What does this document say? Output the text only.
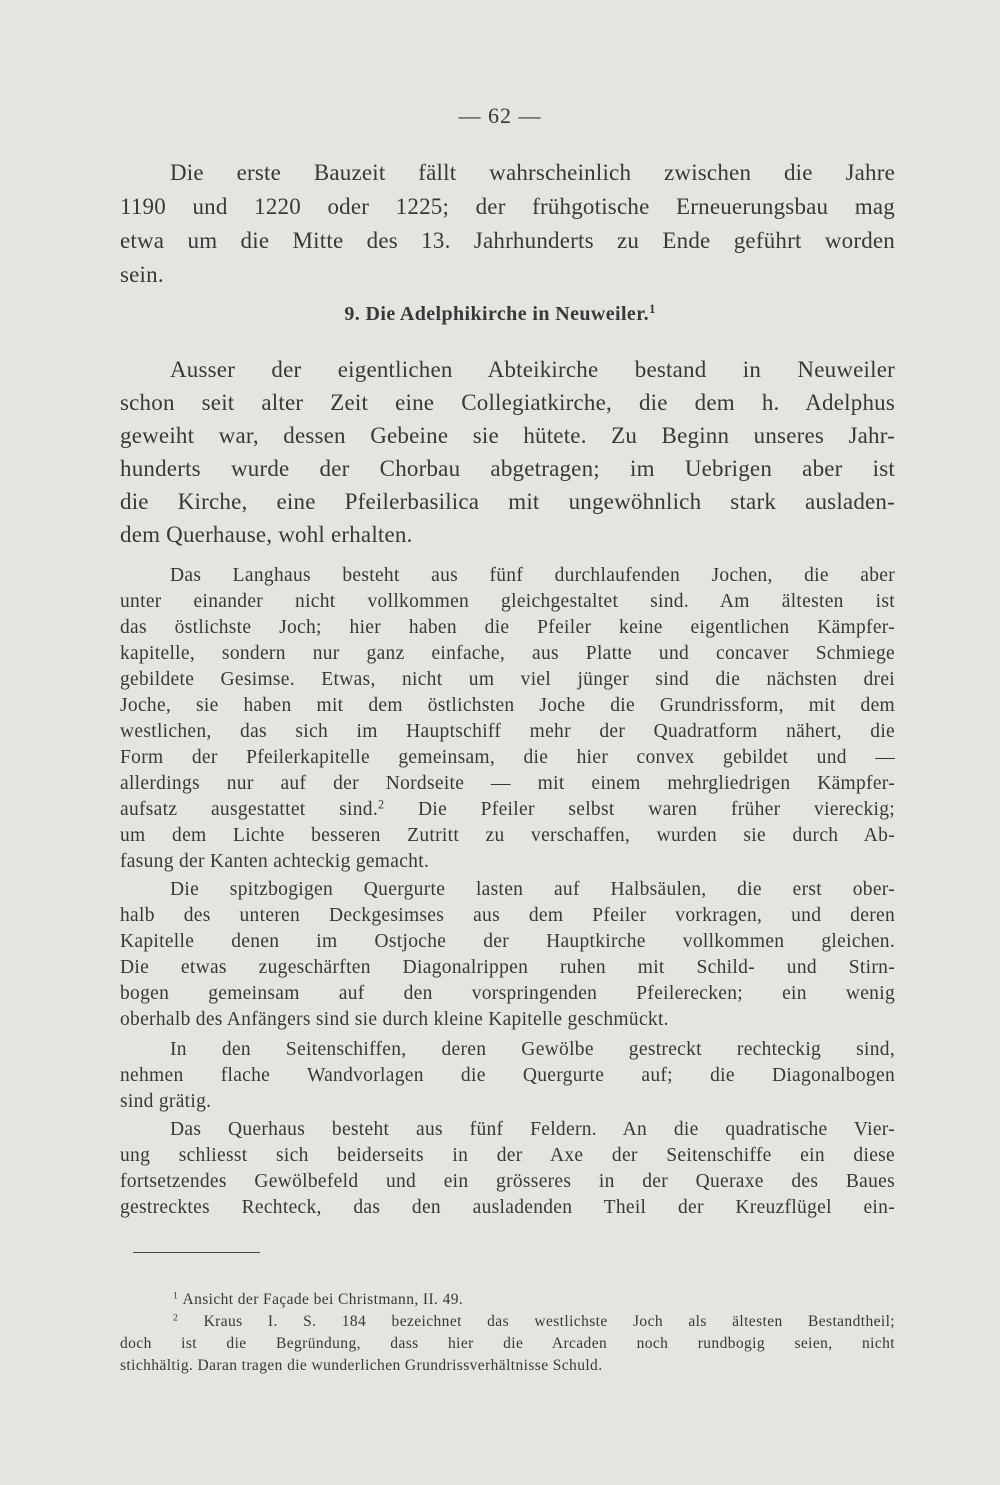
— 62 —
Die erste Bauzeit fällt wahrscheinlich zwischen die Jahre
1190 und 1220 oder 1225; der frühgotische Erneuerungsbau mag
etwa um die Mitte des 13. Jahrhunderts zu Ende geführt worden
sein.
9. Die Adelphikirche in Neuweiler.$^1$
Ausser der eigentlichen Abteikirche bestand in Neuweiler
schon seit alter Zeit eine Collegiatkirche, die dem h. Adelphus
geweiht war, dessen Gebeine sie hütete. Zu Beginn unseres Jahr-
hunderts wurde der Chorbau abgetragen; im Uebrigen aber ist
die Kirche, eine Pfeilerbasilica mit ungewöhnlich stark ausladen-
dem Querhause, wohl erhalten.
Das Langhaus besteht aus fünf durchlaufenden Jochen, die aber
unter einander nicht vollkommen gleichgestaltet sind. Am ältesten ist
das östlichste Joch; hier haben die Pfeiler keine eigentlichen Kämpfer-
kapitelle, sondern nur ganz einfache, aus Platte und concaver Schmiege
gebildete Gesimse. Etwas, nicht um viel jünger sind die nächsten drei
Joche, sie haben mit dem östlichsten Joche die Grundrissform, mit dem
westlichen, das sich im Hauptschiff mehr der Quadratform nähert, die
Form der Pfeilerkapitelle gemeinsam, die hier convex gebildet und —
allerdings nur auf der Nordseite — mit einem mehrgliedrigen Kämpfer-
aufsatz ausgestattet sind.$^2$ Die Pfeiler selbst waren früher viereckig;
um dem Lichte besseren Zutritt zu verschaffen, wurden sie durch Ab-
fasung der Kanten achteckig gemacht.
Die spitzbogigen Quergurte lasten auf Halbsäulen, die erst ober-
halb des unteren Deckgesimses aus dem Pfeiler vorkragen, und deren
Kapitelle denen im Ostjoche der Hauptkirche vollkommen gleichen.
Die etwas zugeschärften Diagonalrippen ruhen mit Schild- und Stirn-
bogen gemeinsam auf den vorspringenden Pfeilerecken; ein wenig
oberhalb des Anfängers sind sie durch kleine Kapitelle geschmückt.
In den Seitenschiffen, deren Gewölbe gestreckt rechteckig sind,
nehmen flache Wandvorlagen die Quergurte auf; die Diagonalbogen
sind grätig.
Das Querhaus besteht aus fünf Feldern. An die quadratische Vier-
ung schliesst sich beiderseits in der Axe der Seitenschiffe ein diese
fortsetzendes Gewölbefeld und ein grösseres in der Queraxe des Baues
gestrecktes Rechteck, das den ausladenden Theil der Kreuzflügel ein-
$^1$ Ansicht der Façade bei Christmann, II. 49.
$^2$ Kraus I. S. 184 bezeichnet das westlichste Joch als ältesten Bestandtheil;
doch ist die Begründung, dass hier die Arcaden noch rundbogig seien, nicht
stichhältig. Daran tragen die wunderlichen Grundrissverhältnisse Schuld.
